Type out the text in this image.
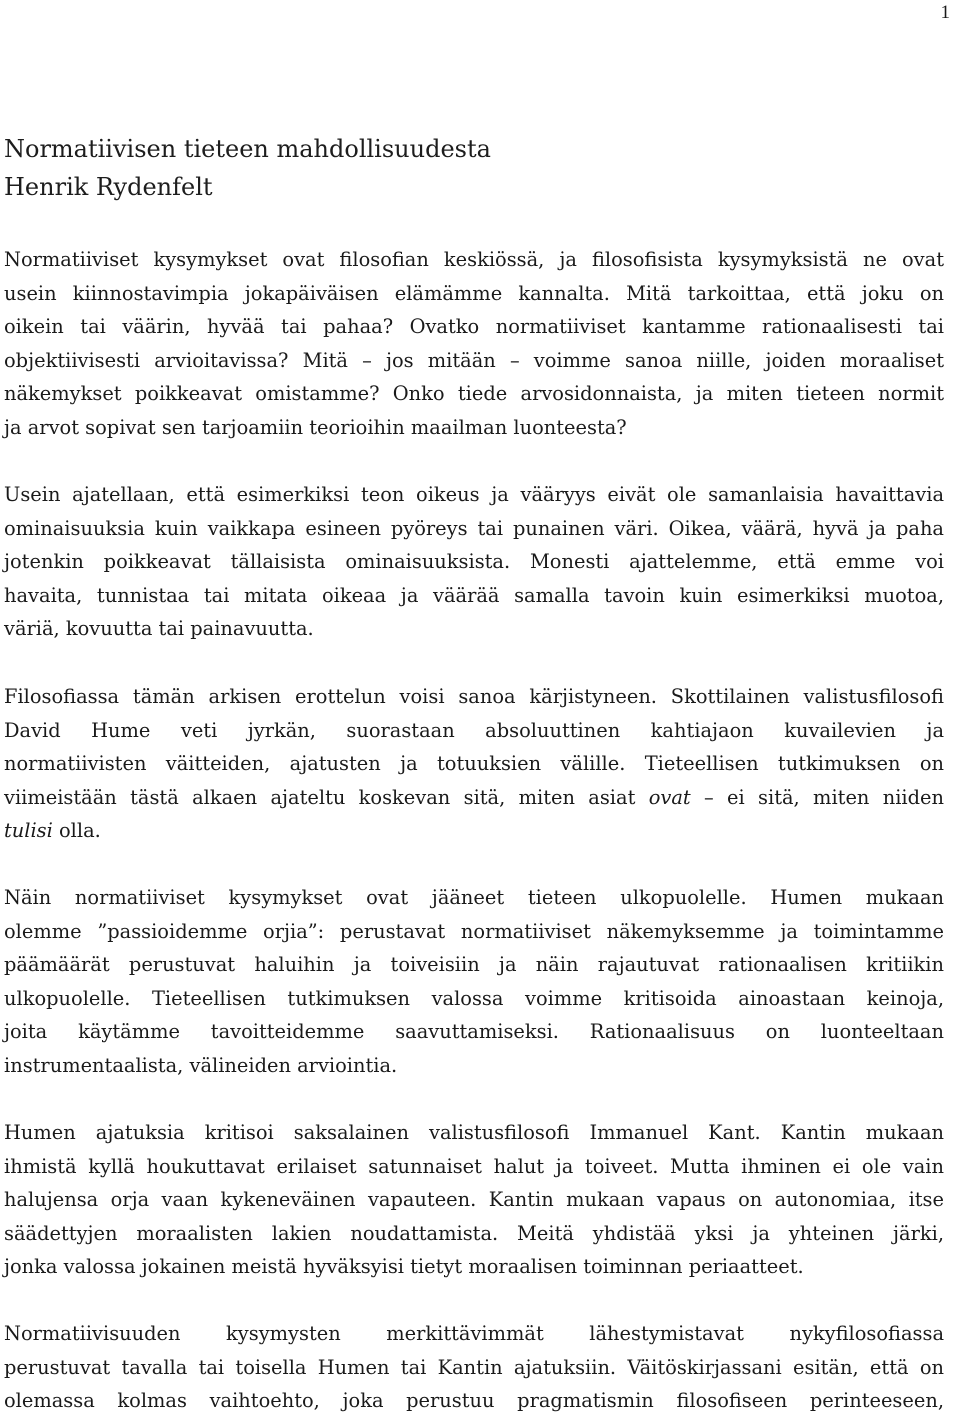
1
Normatiivisen tieteen mahdollisuudesta
Henrik Rydenfelt
Normatiiviset kysymykset ovat filosofian keskiössä, ja filosofisista kysymyksistä ne ovat
usein kiinnostavimpia jokapäiväisen elämämme kannalta. Mitä tarkoittaa, että joku on
oikein tai väärin, hyvää tai pahaa? Ovatko normatiiviset kantamme rationaalisesti tai
objektiivisesti arvioitavissa? Mitä – jos mitään – voimme sanoa niille, joiden moraaliset
näkemykset poikkeavat omistamme? Onko tiede arvosidonnaista, ja miten tieteen normit
ja arvot sopivat sen tarjoamiin teorioihin maailman luonteesta?
Usein ajatellaan, että esimerkiksi teon oikeus ja vääryys eivät ole samanlaisia havaittavia
ominaisuuksia kuin vaikkapa esineen pyöreys tai punainen väri. Oikea, väärä, hyvä ja paha
jotenkin poikkeavat tällaisista ominaisuuksista. Monesti ajattelemme, että emme voi
havaita, tunnistaa tai mitata oikeaa ja väärää samalla tavoin kuin esimerkiksi muotoa,
väriä, kovuutta tai painavuutta.
Filosofiassa tämän arkisen erottelun voisi sanoa kärjistyneen. Skottilainen valistusfilosofi
David Hume veti jyrkän, suorastaan absoluuttinen kahtiajaon kuvailevien ja
normatiivisten väitteiden, ajatusten ja totuuksien välille. Tieteellisen tutkimuksen on
viimeistään tästä alkaen ajateltu koskevan sitä, miten asiat ovat – ei sitä, miten niiden
tulisi olla.
Näin normatiiviset kysymykset ovat jääneet tieteen ulkopuolelle. Humen mukaan
olemme ”passioidemme orjia”: perustavat normatiiviset näkemyksemme ja toimintamme
päämäärät perustuvat haluihin ja toiveisiin ja näin rajautuvat rationaalisen kritiikin
ulkopuolelle. Tieteellisen tutkimuksen valossa voimme kritisoida ainoastaan keinoja,
joita käytämme tavoitteidemme saavuttamiseksi. Rationaalisuus on luonteeltaan
instrumentaalista, välineiden arviointia.
Humen ajatuksia kritisoi saksalainen valistusfilosofi Immanuel Kant. Kantin mukaan
ihmistä kyllä houkuttavat erilaiset satunnaiset halut ja toiveet. Mutta ihminen ei ole vain
halujensa orja vaan kykeneväinen vapauteen. Kantin mukaan vapaus on autonomiaa, itse
säädettyjen moraalisten lakien noudattamista. Meitä yhdistää yksi ja yhteinen järki,
jonka valossa jokainen meistä hyväksyisi tietyt moraalisen toiminnan periaatteet.
Normatiivisuuden kysymysten merkittävimmät lähestymistavat nykyfilosofiassa
perustuvat tavalla tai toisella Humen tai Kantin ajatuksiin. Väitöskirjassani esitän, että on
olemassa kolmas vaihtoehto, joka perustuu pragmatismin filosofiseen perinteeseen,
